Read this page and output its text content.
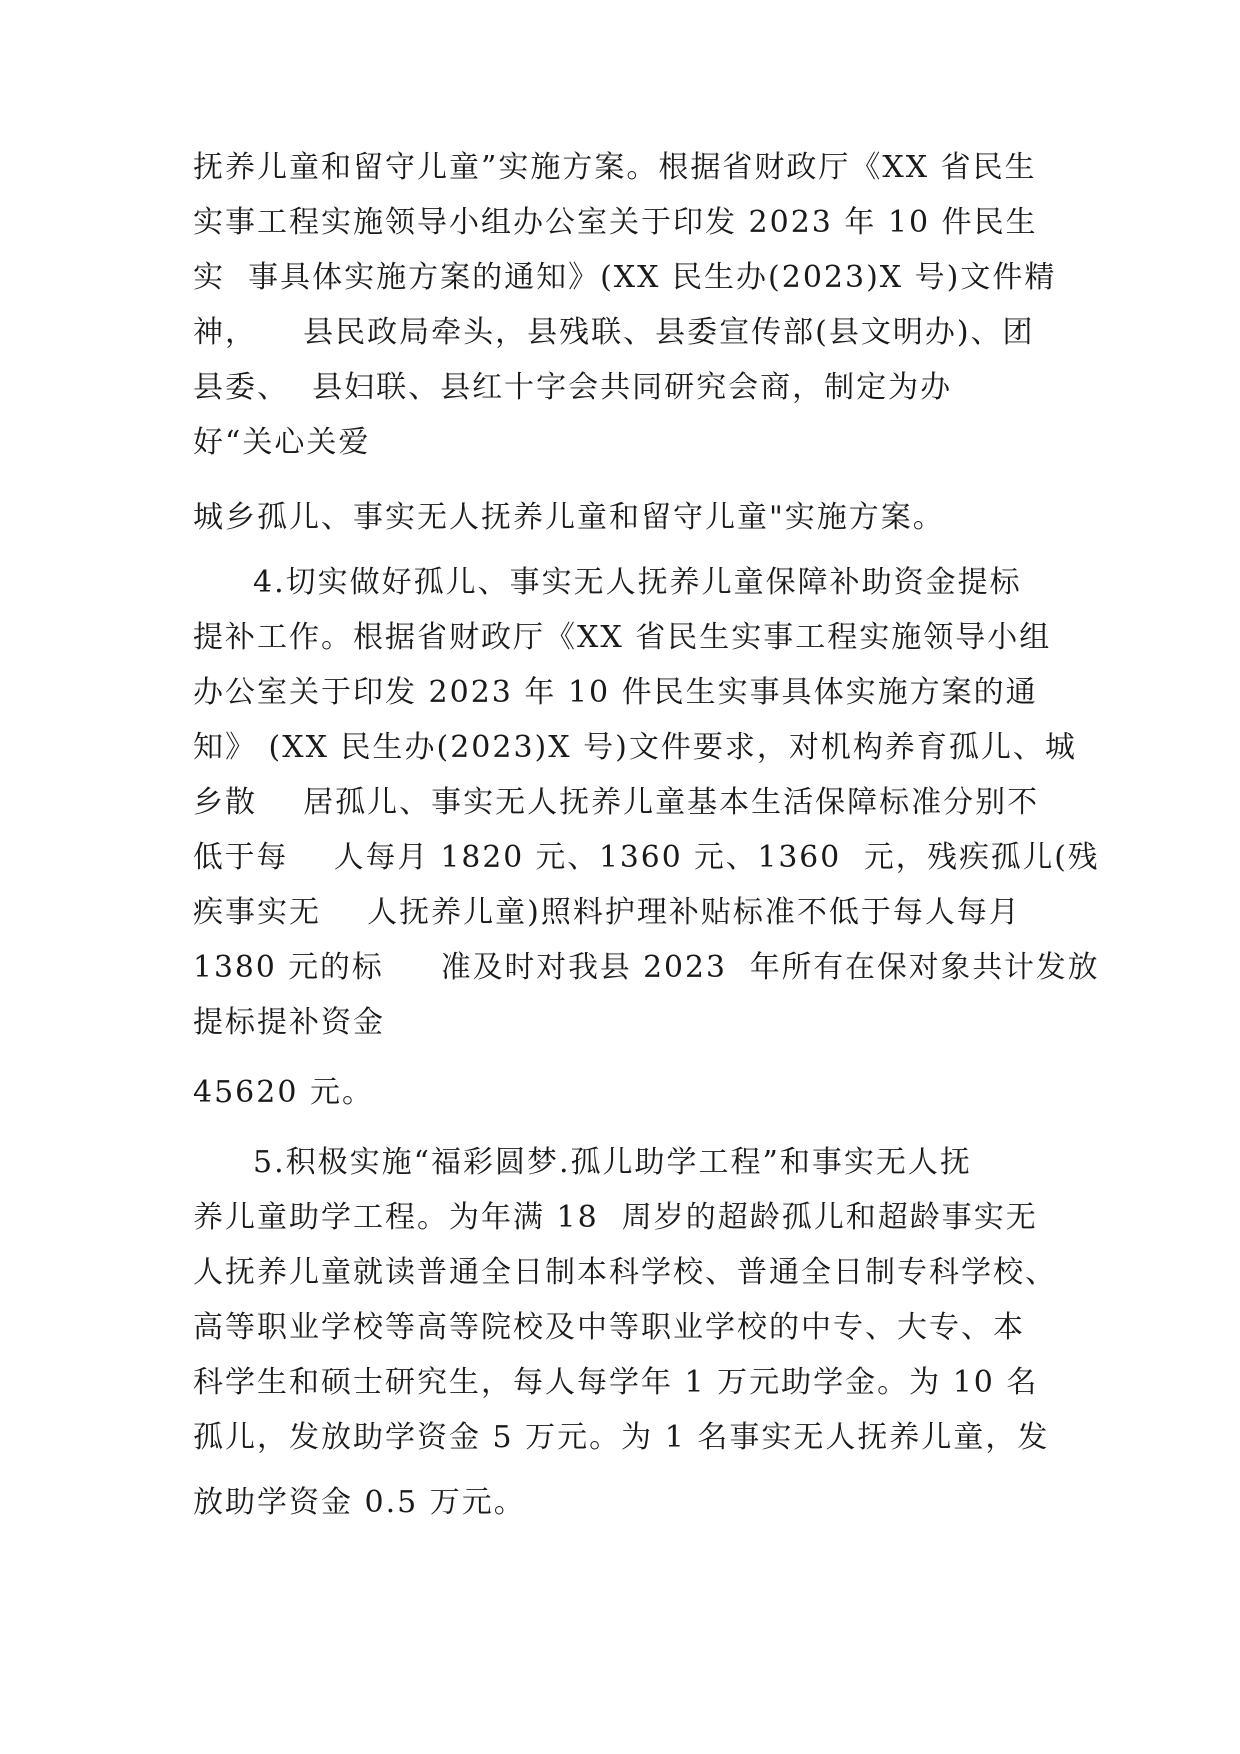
抚养儿童和留守儿童”实施方案。根据省财政厅《XX 省民生
实事工程实施领导小组办公室关于印发 2023 年 10 件民生
实  事具体实施方案的通知》(XX 民生办(2023)X 号)文件精
神，    县民政局牵头，县残联、县委宣传部(县文明办)、团
县委、  县妇联、县红十字会共同研究会商，制定为办
好“关心关爱
城乡孤儿、事实无人抚养儿童和留守儿童"实施方案。
4.切实做好孤儿、事实无人抚养儿童保障补助资金提标
提补工作。根据省财政厅《XX 省民生实事工程实施领导小组
办公室关于印发 2023 年 10 件民生实事具体实施方案的通
知》 (XX 民生办(2023)X 号)文件要求，对机构养育孤儿、城
乡散    居孤儿、事实无人抚养儿童基本生活保障标准分别不
低于每    人每月 1820 元、1360 元、1360  元，残疾孤儿(残
疾事实无    人抚养儿童)照料护理补贴标准不低于每人每月
1380 元的标     准及时对我县 2023  年所有在保对象共计发放
提标提补资金
45620 元。
5.积极实施“福彩圆梦.孤儿助学工程”和事实无人抚
养儿童助学工程。为年满 18  周岁的超龄孤儿和超龄事实无
人抚养儿童就读普通全日制本科学校、普通全日制专科学校、
高等职业学校等高等院校及中等职业学校的中专、大专、本
科学生和硕士研究生，每人每学年 1 万元助学金。为 10 名
孤儿，发放助学资金 5 万元。为 1 名事实无人抚养儿童，发
放助学资金 0.5 万元。
